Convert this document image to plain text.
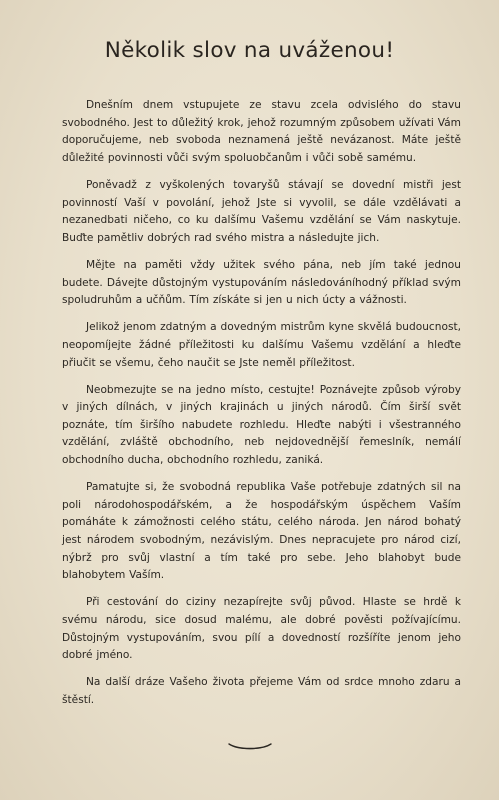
Několik slov na uváženou!

Dnešním dnem vstupujete ze stavu zcela odvislého do stavu svobodného. Jest to důležitý krok, jehož rozumným způsobem užívati Vám doporučujeme, neb svoboda neznamená ještě nevázanost. Máte ještě důležité povinnosti vůči svým spoluobčanům i vůči sobě samému.

Poněvadž z vyškolených tovaryšů stávají se dovední mistři jest povinností Vaší v povolání, jehož Jste si vyvolil, se dále vzdělávati a nezanedbati ničeho, co ku dalšímu Vašemu vzdělání se Vám naskytuje. Buďte pamětliv dobrých rad svého mistra a následujte jich.

Mějte na paměti vždy užitek svého pána, neb jím také jednou budete. Dávejte důstojným vystupováním následováníhodný příklad svým spoludruhům a učňům. Tím získáte si jen u nich úcty a vážnosti.

Jelikož jenom zdatným a dovedným mistrům kyne skvělá budoucnost, neopomíjejte žádné příležitosti ku dalšímu Vašemu vzdělání a hleďte přiučit se všemu, čeho naučit se Jste neměl příležitost.

Neobmezujte se na jedno místo, cestujte! Poznávejte způsob výroby v jiných dílnách, v jiných krajinách u jiných národů. Čím širší svět poznáte, tím širšího nabudete rozhledu. Hleďte nabýti i všestranného vzdělání, zvláště obchodního, neb nejdovednější řemeslník, nemálí obchodního ducha, obchodního rozhledu, zaniká.

Pamatujte si, že svobodná republika Vaše potřebuje zdatných sil na poli národohospodářském, a že hospodářským úspěchem Vaším pomáháte k zámožnosti celého státu, celého národa. Jen národ bohatý jest národem svobodným, nezávislým. Dnes nepracujete pro národ cizí, nýbrž pro svůj vlastní a tím také pro sebe. Jeho blahobyt bude blahobytem Vaším.

Při cestování do ciziny nezapírejte svůj původ. Hlaste se hrdě k svému národu, sice dosud malému, ale dobré pověsti požívajícímu. Důstojným vystupováním, svou pílí a dovedností rozšíříte jenom jeho dobré jméno.

Na další dráze Vašeho života přejeme Vám od srdce mnoho zdaru a štěstí.
